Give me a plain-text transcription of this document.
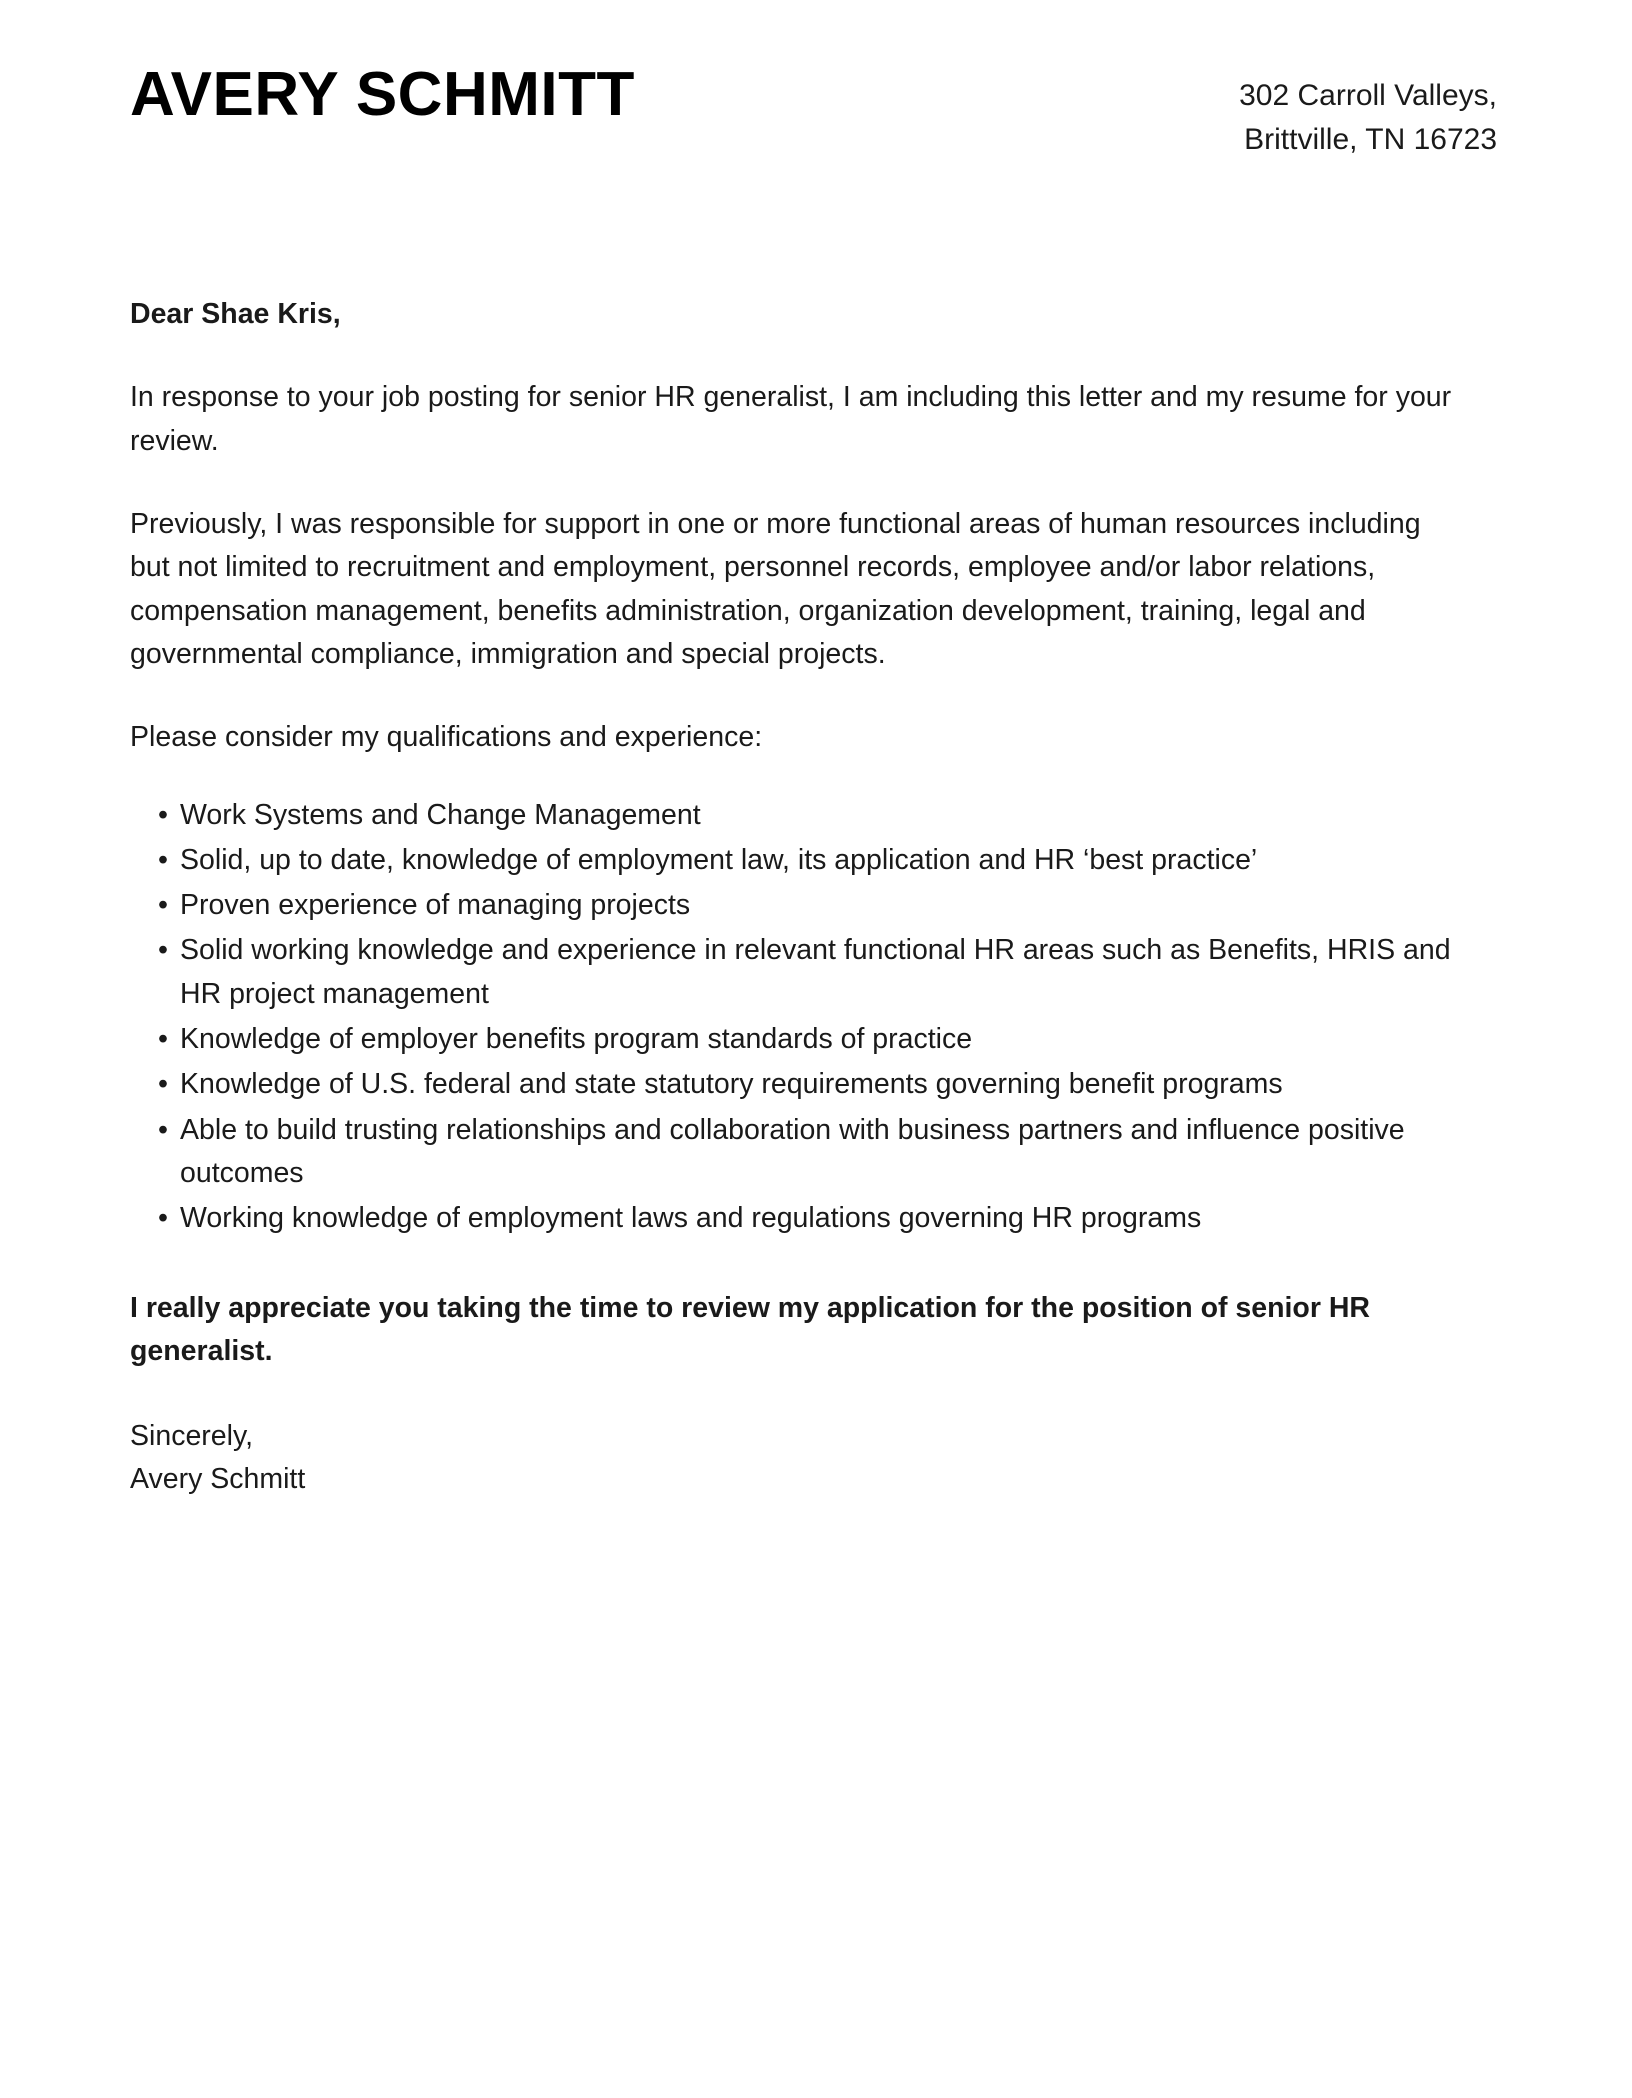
AVERY SCHMITT	302 Carroll Valleys,
Brittville, TN 16723

Dear Shae Kris,

In response to your job posting for senior HR generalist, I am including this letter and my resume for your review.

Previously, I was responsible for support in one or more functional areas of human resources including but not limited to recruitment and employment, personnel records, employee and/or labor relations, compensation management, benefits administration, organization development, training, legal and governmental compliance, immigration and special projects.

Please consider my qualifications and experience:

• Work Systems and Change Management
• Solid, up to date, knowledge of employment law, its application and HR ‘best practice’
• Proven experience of managing projects
• Solid working knowledge and experience in relevant functional HR areas such as Benefits, HRIS and HR project management
• Knowledge of employer benefits program standards of practice
• Knowledge of U.S. federal and state statutory requirements governing benefit programs
• Able to build trusting relationships and collaboration with business partners and influence positive outcomes
• Working knowledge of employment laws and regulations governing HR programs

I really appreciate you taking the time to review my application for the position of senior HR generalist.

Sincerely,
Avery Schmitt
